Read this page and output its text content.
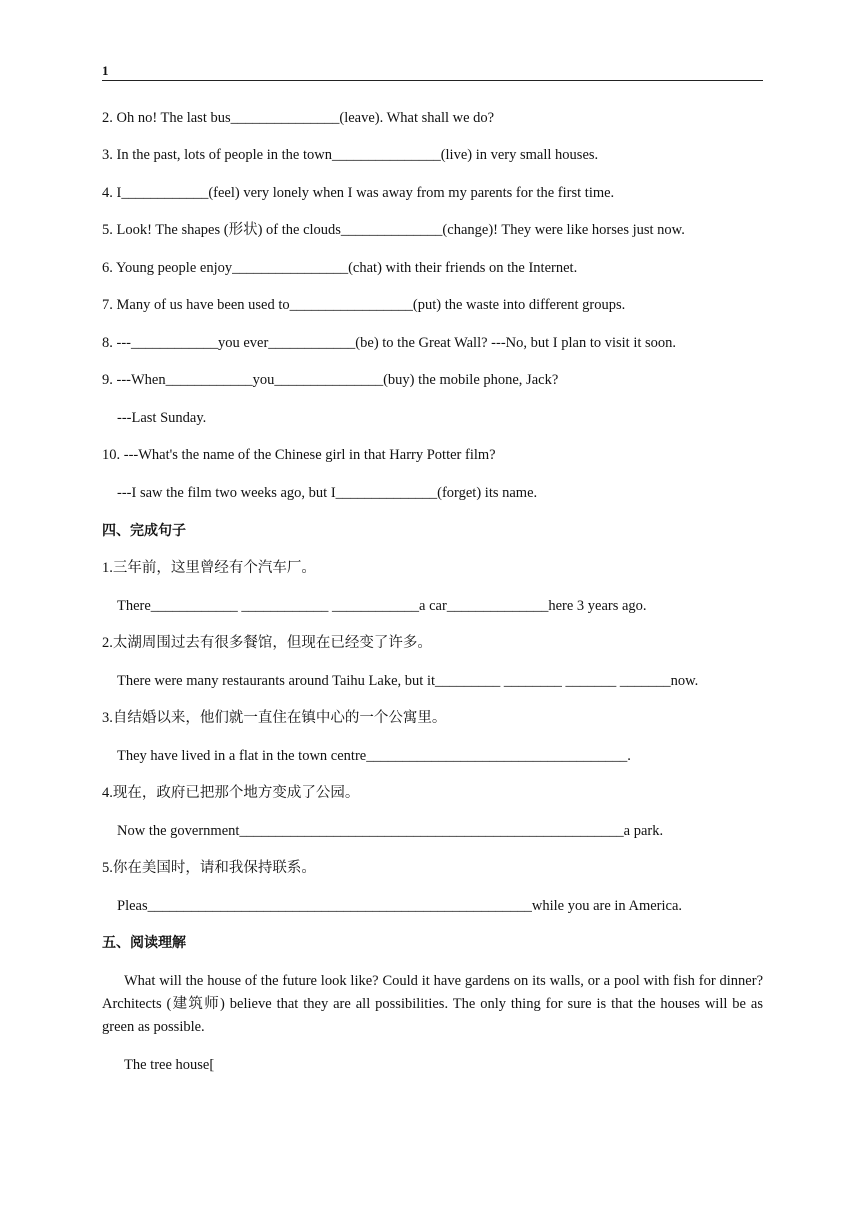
1
2. Oh no! The last bus_______________(leave). What shall we do?
3. In the past, lots of people in the town_______________(live) in very small houses.
4. I____________(feel) very lonely when I was away from my parents for the first time.
5. Look! The shapes (形状) of the clouds______________(change)! They were like horses just now.
6. Young people enjoy________________(chat) with their friends on the Internet.
7. Many of us have been used to_________________(put) the waste into different groups.
8. ---____________you ever____________(be) to the Great Wall? ---No, but I plan to visit it soon.
9. ---When____________you_______________(buy) the mobile phone, Jack?
---Last Sunday.
10. ---What's the name of the Chinese girl in that Harry Potter film?
---I saw the film two weeks ago, but I______________(forget) its name.
四、完成句子
1.三年前，这里曾经有个汽车厂。
There____________ ____________ ____________a car______________here 3 years ago.
2.太湖周围过去有很多餐馆，但现在已经变了许多。
There were many restaurants around Taihu Lake, but it_________ ________ _______ _______now.
3.自结婚以来，他们就一直住在镇中心的一个公寓里。
They have lived in a flat in the town centre____________________________________.
4.现在，政府已把那个地方变成了公园。
Now the government_____________________________________________________a park.
5.你在美国时，请和我保持联系。
Pleas_____________________________________________________while you are in America.
五、阅读理解
What will the house of the future look like? Could it have gardens on its walls, or a pool with fish for dinner? Architects (建筑师) believe that they are all possibilities. The only thing for sure is that the houses will be as green as possible.
The tree house[
